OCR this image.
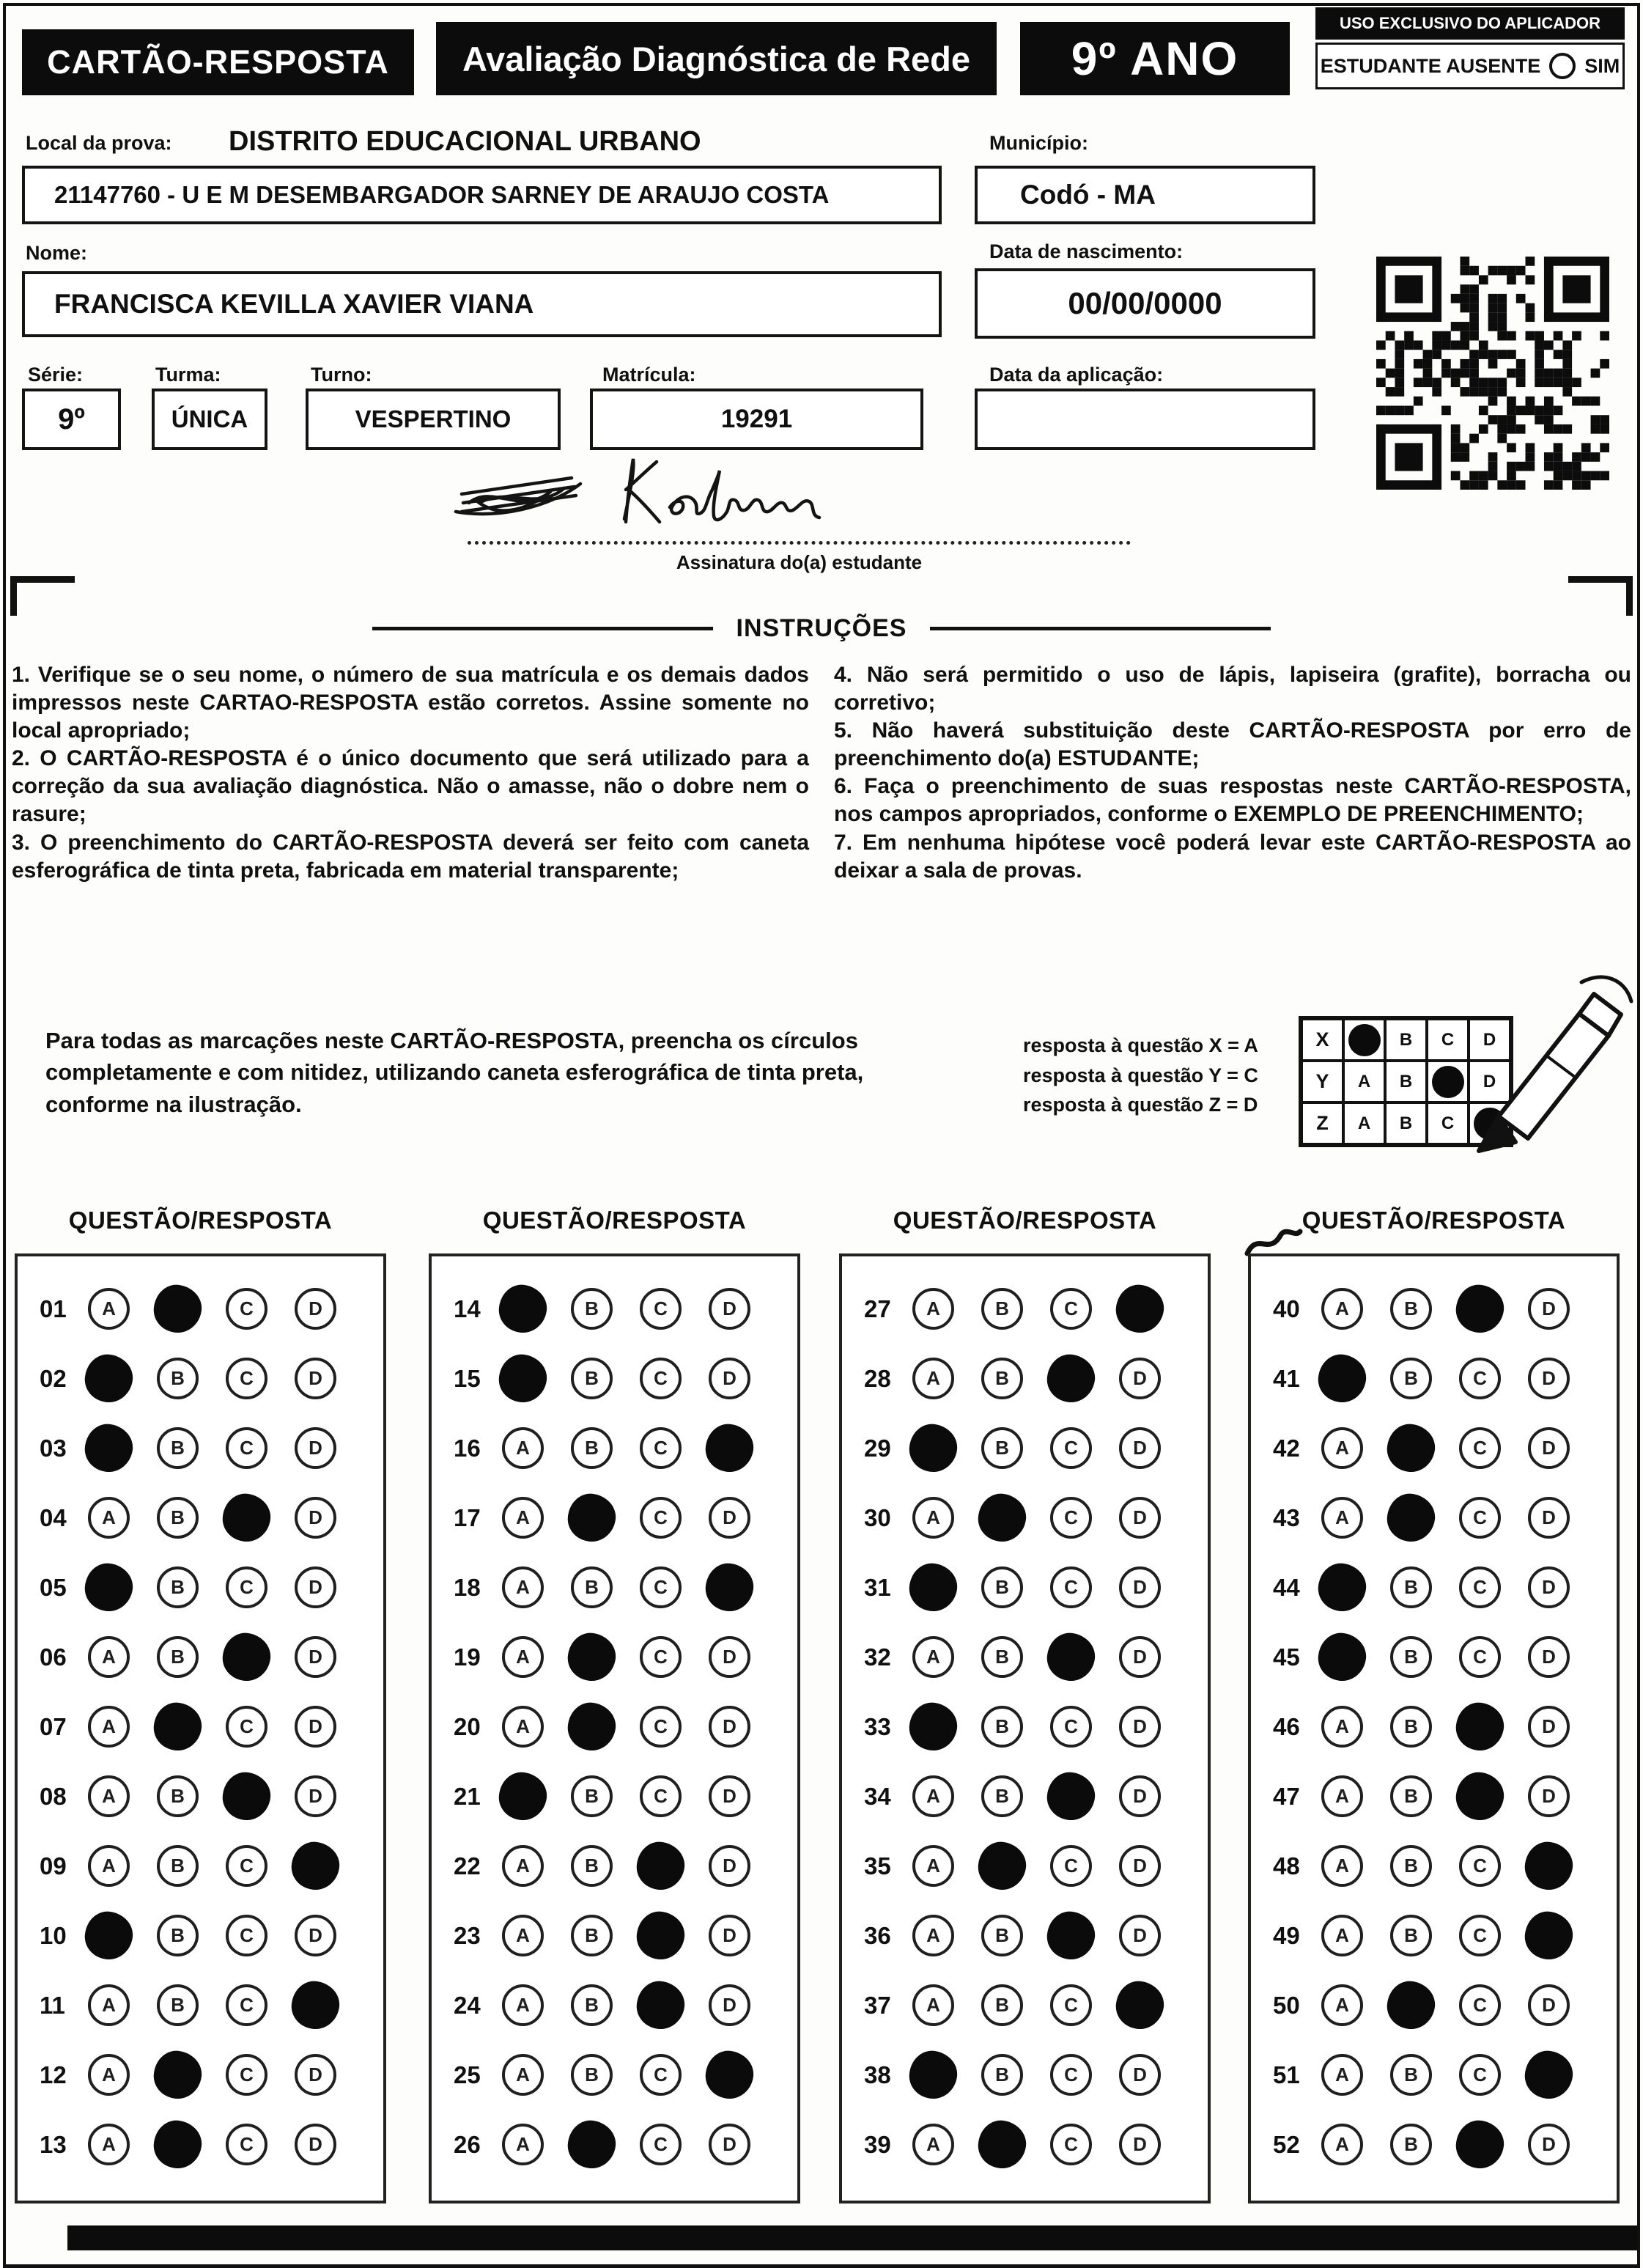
CARTÃO-RESPOSTA	Avaliação Diagnóstica de Rede	9º ANO
USO EXCLUSIVO DO APLICADOR
ESTUDANTE AUSENTE SIM
Local da prova: DISTRITO EDUCACIONAL URBANO	Município:
21147760 - U E M DESEMBARGADOR SARNEY DE ARAUJO COSTA	Codó - MA
Nome:	Data de nascimento:
FRANCISCA KEVILLA XAVIER VIANA	00/00/0000
Série:	Turma:	Turno:	Matrícula:	Data da aplicação:
9º	ÚNICA	VESPERTINO	19291
Assinatura do(a) estudante
INSTRUÇÕES

1. Verifique se o seu nome, o número de sua matrícula e os demais dados impressos neste CARTAO-RESPOSTA estão corretos. Assine somente no local apropriado;

2. O CARTÃO-RESPOSTA é o único documento que será utilizado para a correção da sua avaliação diagnóstica. Não o amasse, não o dobre nem o rasure;

3. O preenchimento do CARTÃO-RESPOSTA deverá ser feito com caneta esferográfica de tinta preta, fabricada em material transparente;

4. Não será permitido o uso de lápis, lapiseira (grafite), borracha ou corretivo;

5. Não haverá substituição deste CARTÃO-RESPOSTA por erro de preenchimento do(a) ESTUDANTE;

6. Faça o preenchimento de suas respostas neste CARTÃO-RESPOSTA, nos campos apropriados, conforme o EXEMPLO DE PREENCHIMENTO;

7. Em nenhuma hipótese você poderá levar este CARTÃO-RESPOSTA ao deixar a sala de provas.

Para todas as marcações neste CARTÃO-RESPOSTA, preencha os círculos completamente e com nitidez, utilizando caneta esferográfica de tinta preta, conforme na ilustração.
resposta à questão X = A
resposta à questão Y = C
resposta à questão Z = D
X	B	C	D
Y	A	B	D
Z	A	B	C
QUESTÃO/RESPOSTA	QUESTÃO/RESPOSTA	QUESTÃO/RESPOSTA	QUESTÃO/RESPOSTA
01	A	C	D
02	B	C	D
03	B	C	D
04	A	B	D
05	B	C	D
06	A	B	D
07	A	C	D
08	A	B	D
09	A	B	C
10	B	C	D
11	A	B	C
12	A	C	D
13	A	C	D
14	B	C	D
15	B	C	D
16	A	B	C
17	A	C	D
18	A	B	C
19	A	C	D
20	A	C	D
21	B	C	D
22	A	B	D
23	A	B	D
24	A	B	D
25	A	B	C
26	A	C	D
27	A	B	C
28	A	B	D
29	B	C	D
30	A	C	D
31	B	C	D
32	A	B	D
33	B	C	D
34	A	B	D
35	A	C	D
36	A	B	D
37	A	B	C
38	B	C	D
39	A	C	D
40	A	B	D
41	B	C	D
42	A	C	D
43	A	C	D
44	B	C	D
45	B	C	D
46	A	B	D
47	A	B	D
48	A	B	C
49	A	B	C
50	A	C	D
51	A	B	C
52	A	B	D
